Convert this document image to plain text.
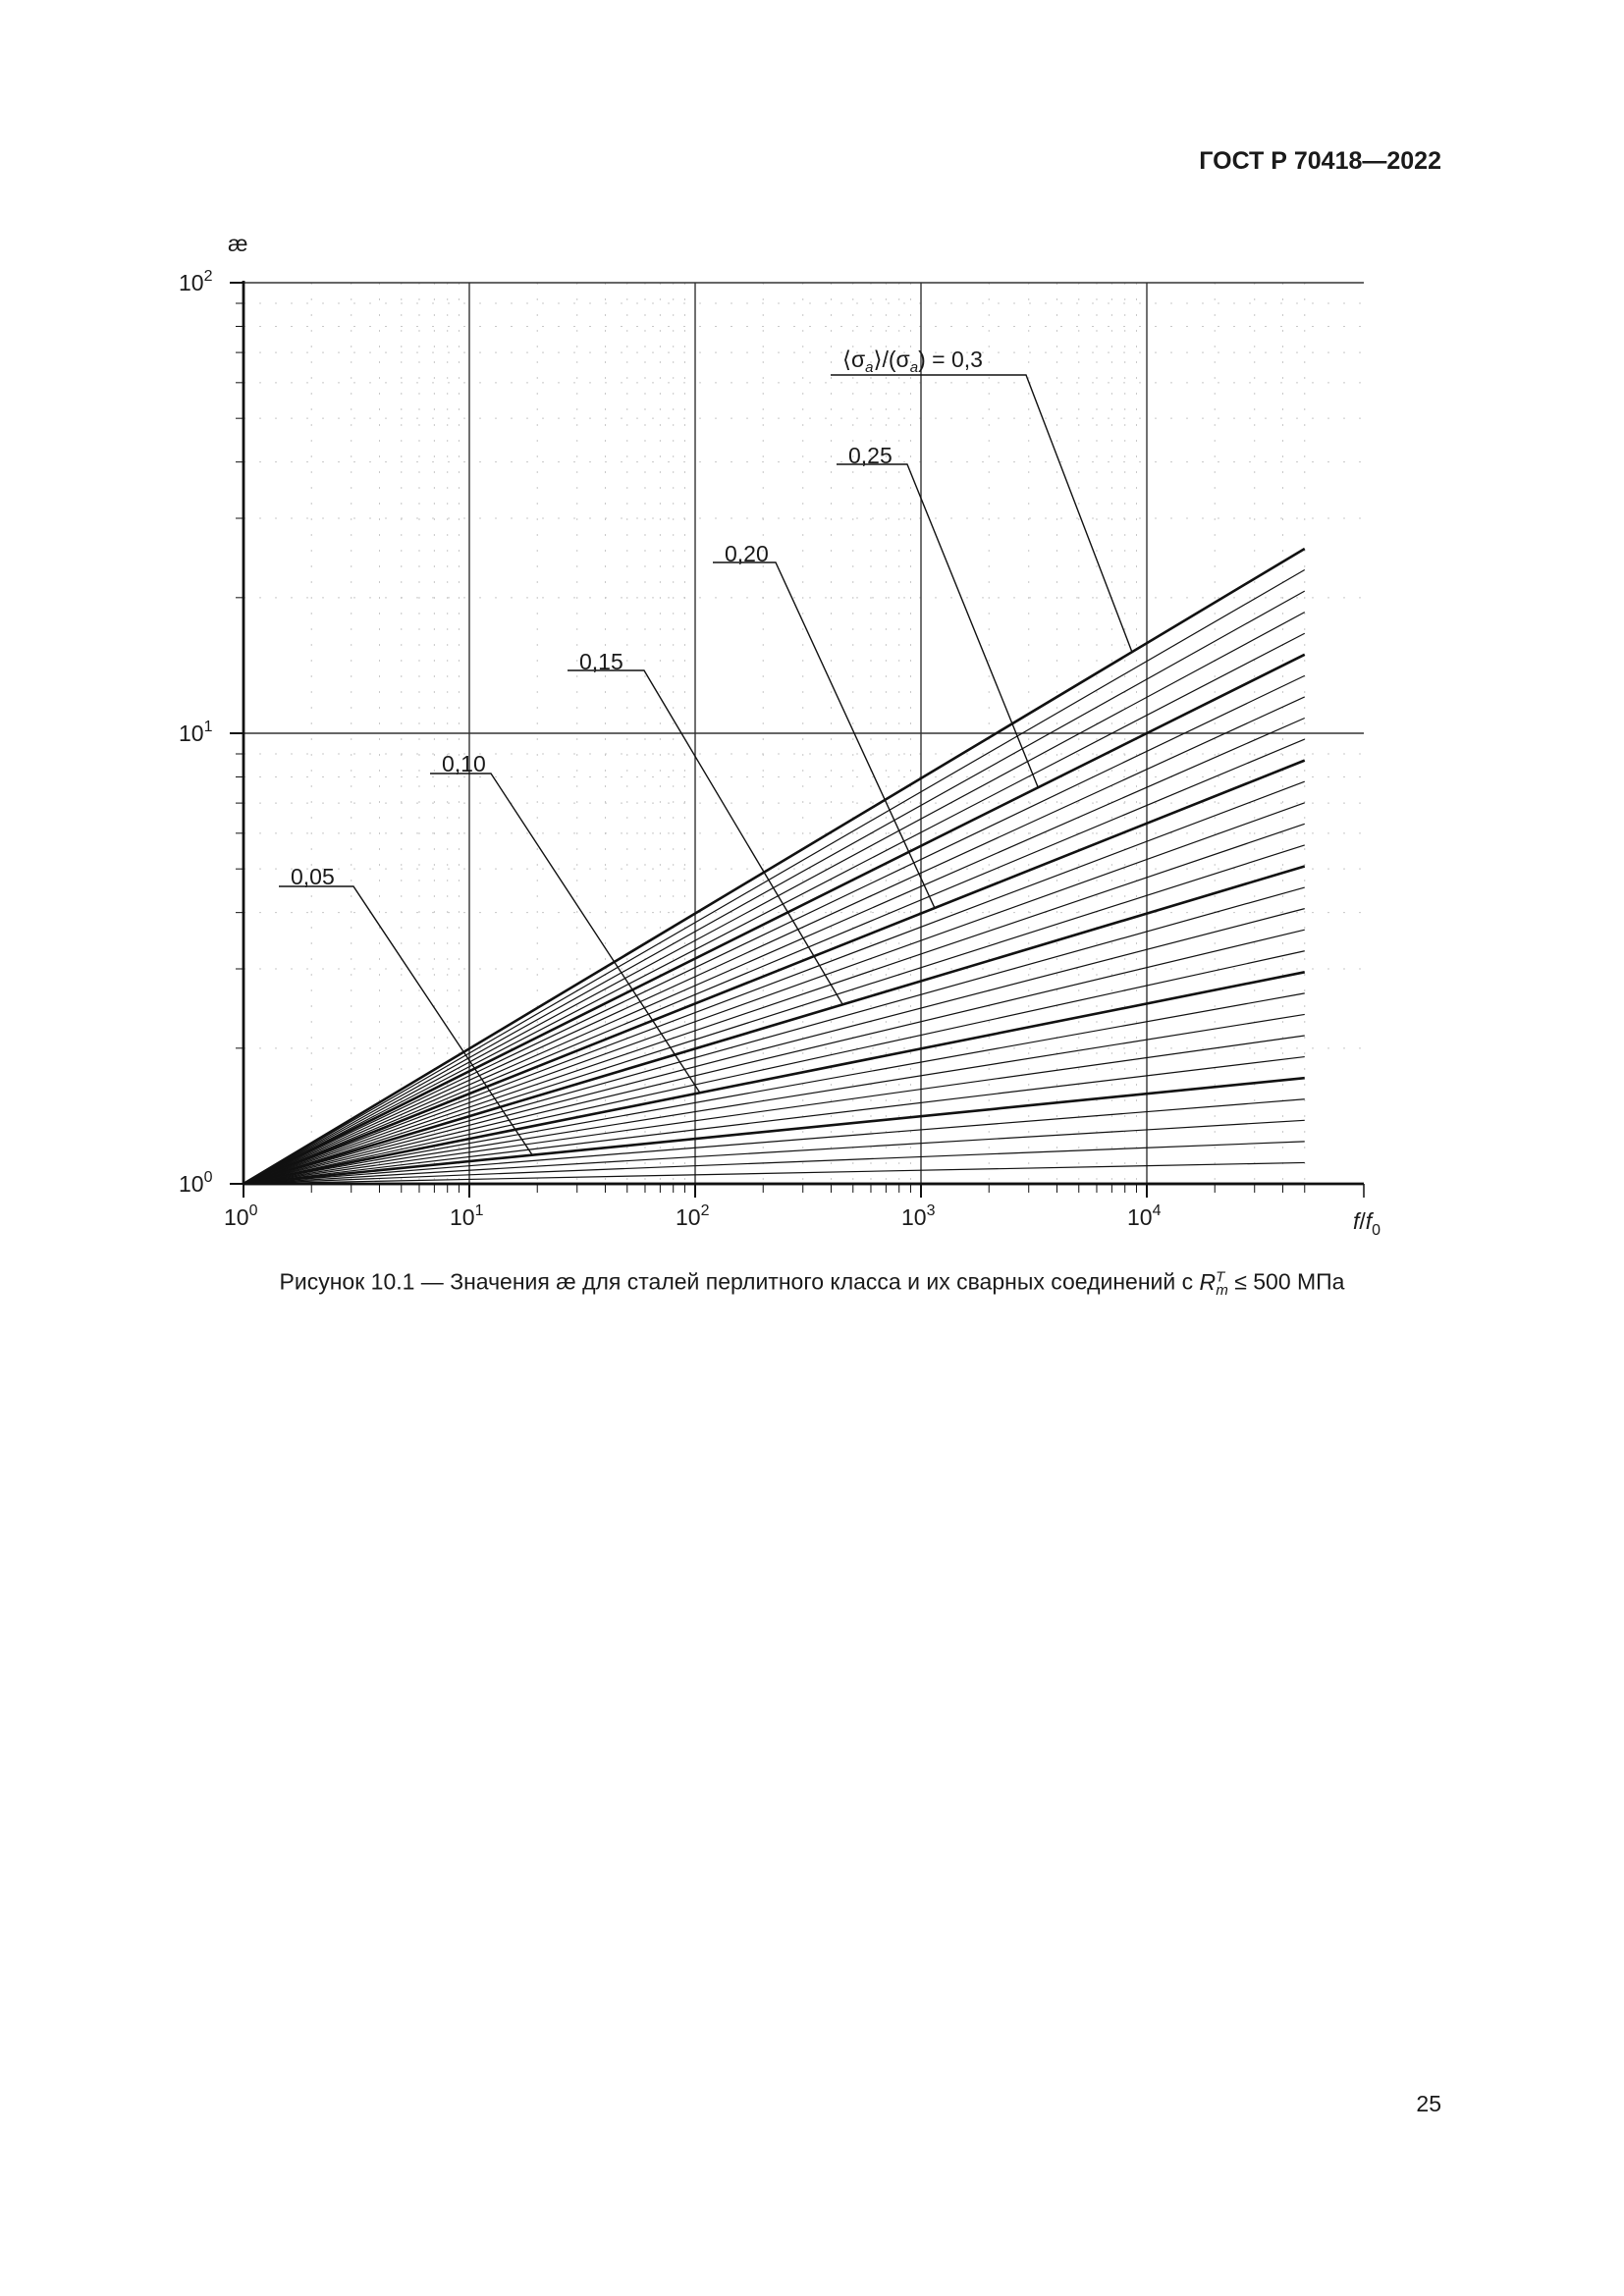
ГОСТ Р 70418—2022
$10^0$	$10^1$	$10^2$	$10^3$	$10^4$
$10^0$
$10^1$
$10^2$
0,05
0,10
0,15
0,20
0,25
$⟨\sigma_a⟩/(\sigma_a) = 0,3$
æ
$f/f_0$
Рисунок 10.1 — Значения æ для сталей перлитного класса и их сварных соединений с $R^T_m \le 500$ МПа
25
